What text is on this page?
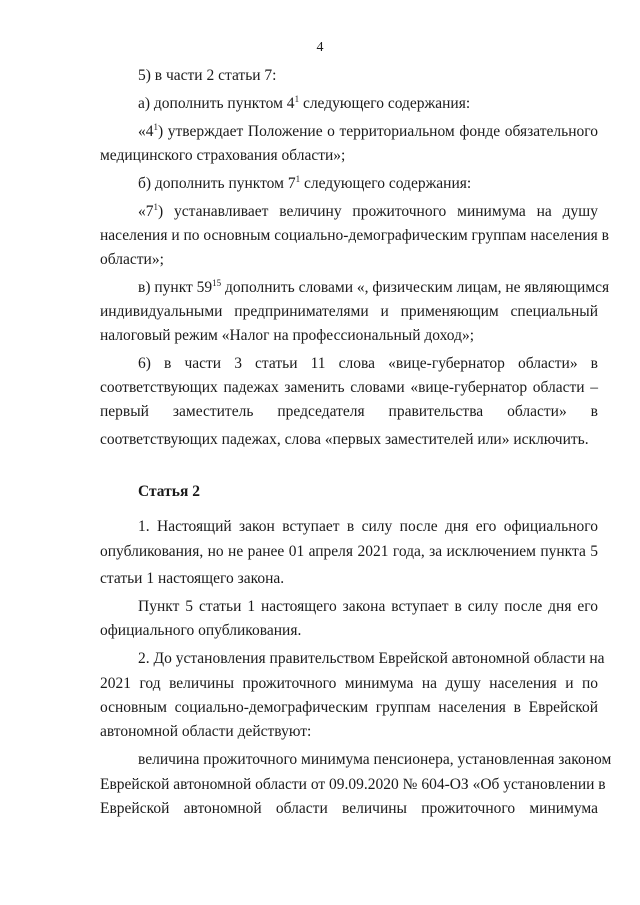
4
5) в части 2 статьи 7:
а) дополнить пунктом $4^1$ следующего содержания:
«$4^1$) утверждает Положение о территориальном фонде обязательного
медицинского страхования области»;
б) дополнить пунктом $7^1$ следующего содержания:
«$7^1$) устанавливает величину прожиточного минимума на душу
населения и по основным социально-демографическим группам населения в
области»;
в) пункт $59^{15}$ дополнить словами «, физическим лицам, не являющимся
индивидуальными предпринимателями и применяющим специальный
налоговый режим «Налог на профессиональный доход»;
6) в части 3 статьи 11 слова «вице-губернатор области» в
соответствующих падежах заменить словами «вице-губернатор области –
первый заместитель председателя правительства области» в
соответствующих падежах, слова «первых заместителей или» исключить.
Статья 2
1. Настоящий закон вступает в силу после дня его официального
опубликования, но не ранее 01 апреля 2021 года, за исключением пункта 5
статьи 1 настоящего закона.
Пункт 5 статьи 1 настоящего закона вступает в силу после дня его
официального опубликования.
2. До установления правительством Еврейской автономной области на
2021 год величины прожиточного минимума на душу населения и по
основным социально-демографическим группам населения в Еврейской
автономной области действуют:
величина прожиточного минимума пенсионера, установленная законом
Еврейской автономной области от 09.09.2020 № 604-ОЗ «Об установлении в
Еврейской автономной области величины прожиточного минимума
